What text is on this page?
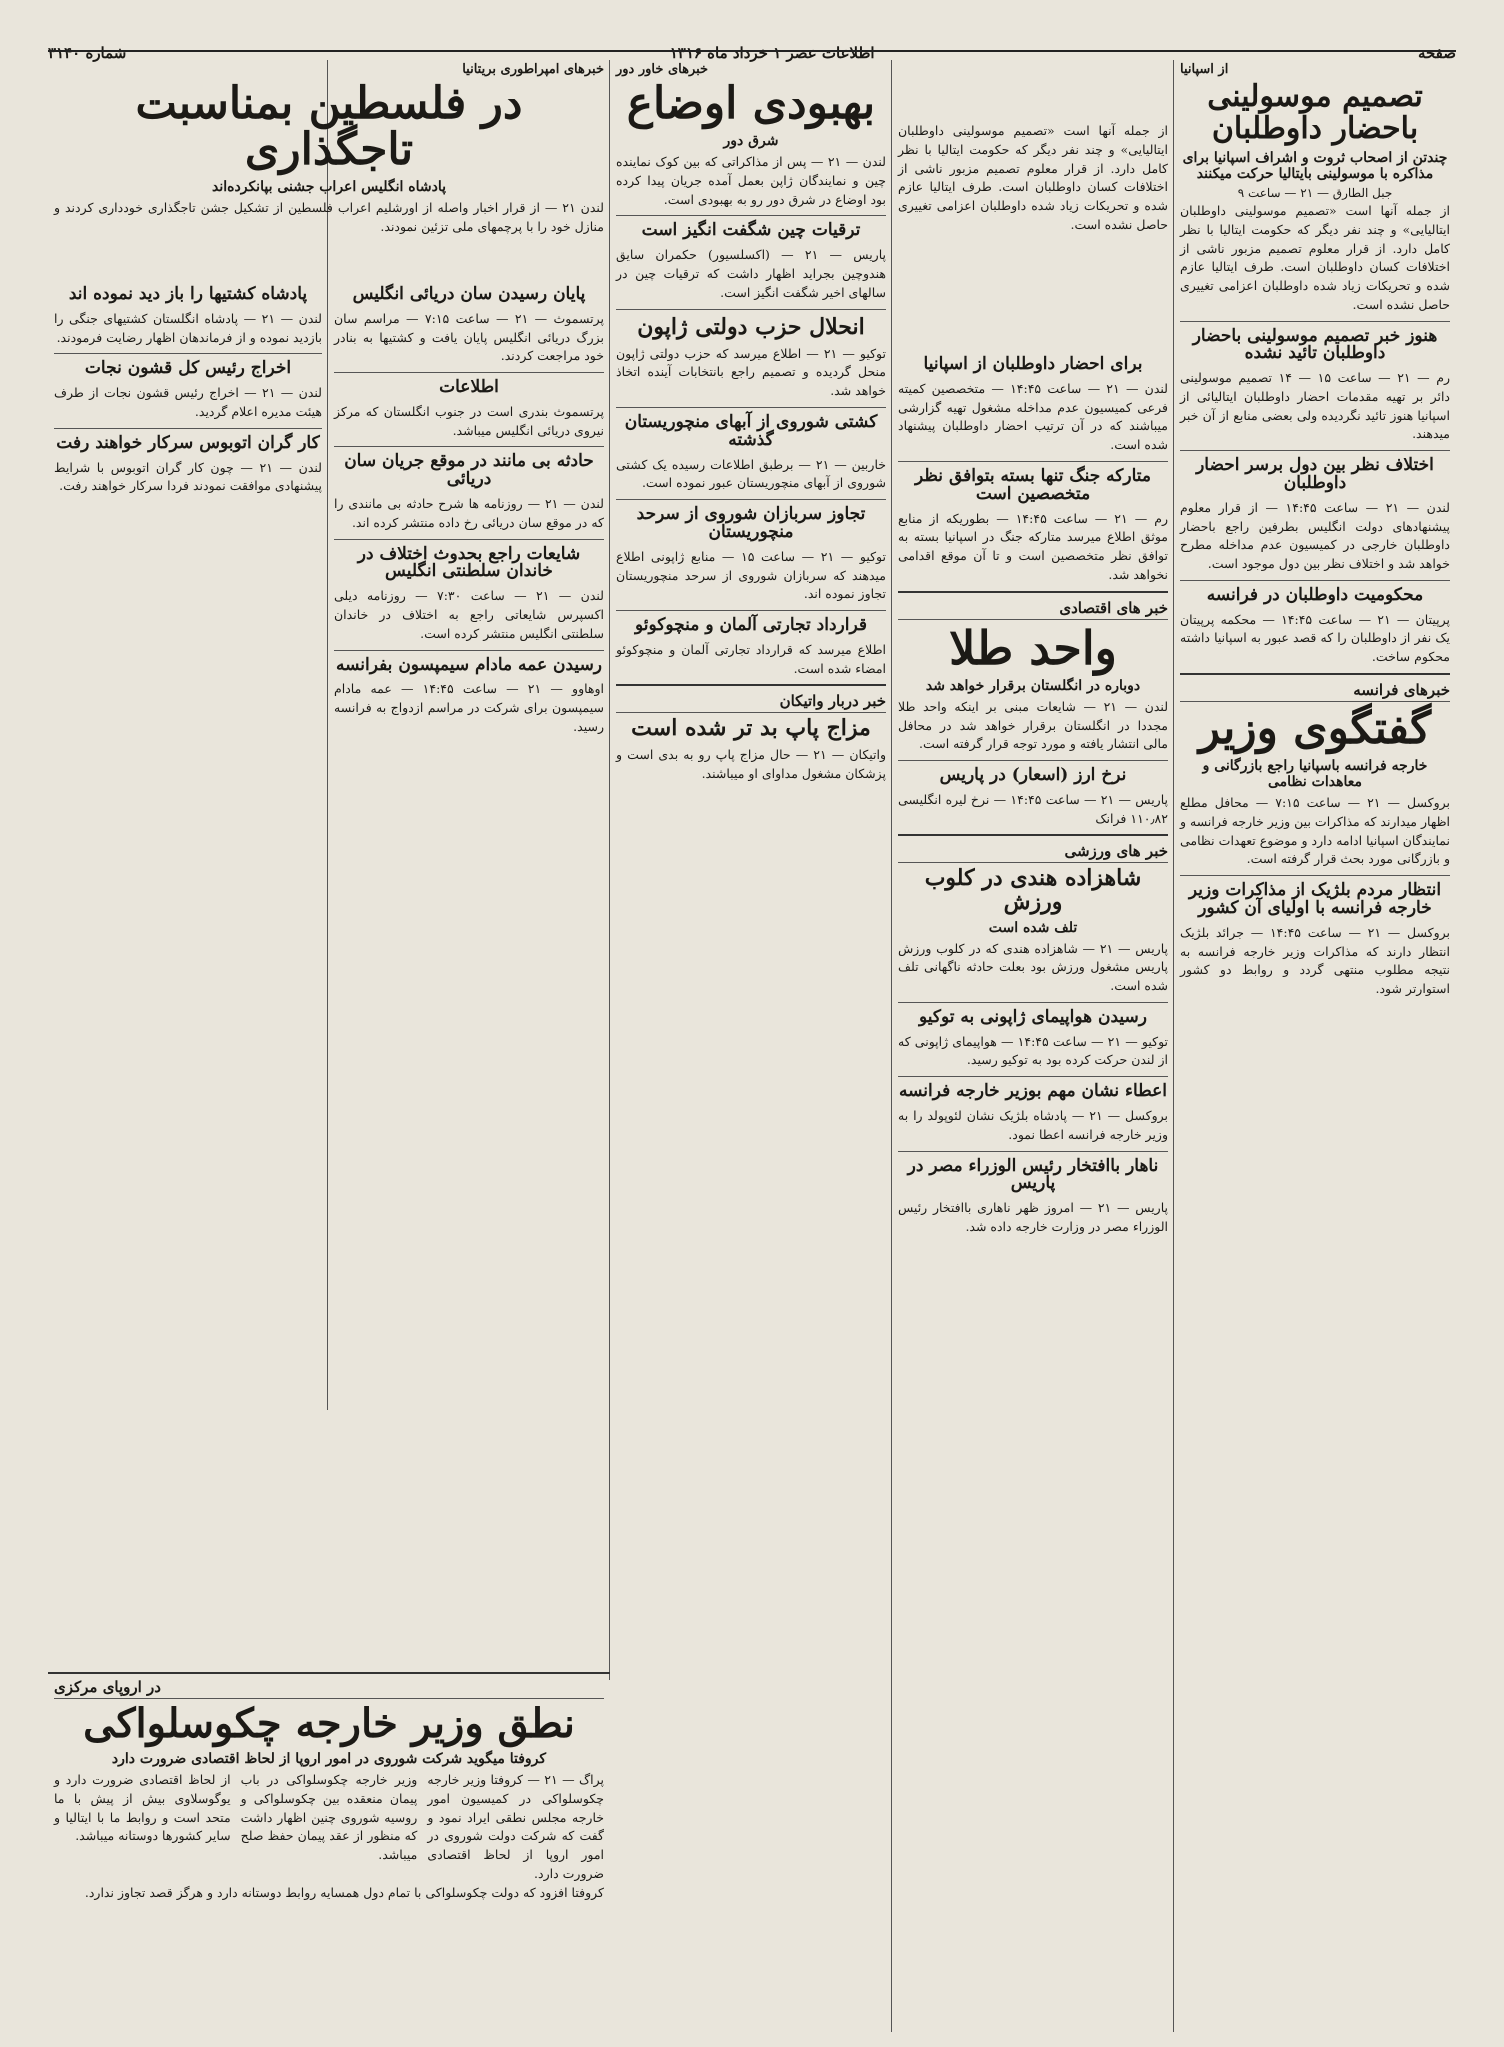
صفحه
اطلاعات عصر ۱ خرداد ماه ۱۳۱۶
شماره ۳۱۴۰
از اسپانیا
تصمیم موسولینی باحضار داوطلبان
چندتن از اصحاب ثروت و اشراف اسپانیا برای مذاکره با موسولینی بایتالیا حرکت میکنند
جبل الطارق — ۲۱ — ساعت ۹
از جمله آنها است «تصمیم موسولینی داوطلبان ایتالیایی» و چند نفر دیگر که حکومت ایتالیا با نظر کامل دارد. از قرار معلوم تصمیم مزبور ناشی از اختلافات کسان داوطلبان است. طرف ایتالیا عازم شده و تحریکات زیاد شده داوطلبان اعزامی تغییری حاصل نشده است.
هنوز خبر تصمیم موسولینی باحضار داوطلبان تائید نشده
رم — ۲۱ — ساعت ۱۵ — ۱۴ تصمیم موسولینی دائر بر تهیه مقدمات احضار داوطلبان ایتالیائی از اسپانیا هنوز تائید نگردیده ولی بعضی منابع از آن خبر میدهند.
اختلاف نظر بین دول برسر احضار داوطلبان
لندن — ۲۱ — ساعت ۱۴:۴۵ — از قرار معلوم پیشنهادهای دولت انگلیس بطرفین راجع باحضار داوطلبان خارجی در کمیسیون عدم مداخله مطرح خواهد شد و اختلاف نظر بین دول موجود است.
محکومیت داوطلبان در فرانسه
پرپیتان — ۲۱ — ساعت ۱۴:۴۵ — محکمه پرپیتان یک نفر از داوطلبان را که قصد عبور به اسپانیا داشته محکوم ساخت.
خبرهای فرانسه
گفتگوی وزیر
خارجه فرانسه باسپانیا راجع بازرگانی و معاهدات نظامی
بروکسل — ۲۱ — ساعت ۷:۱۵ — محافل مطلع اظهار میدارند که مذاکرات بین وزیر خارجه فرانسه و نمایندگان اسپانیا ادامه دارد و موضوع تعهدات نظامی و بازرگانی مورد بحث قرار گرفته است.
انتظار مردم بلژیک از مذاکرات وزیر خارجه فرانسه با اولیای آن کشور
بروکسل — ۲۱ — ساعت ۱۴:۴۵ — جرائد بلژیک انتظار دارند که مذاکرات وزیر خارجه فرانسه به نتیجه مطلوب منتهی گردد و روابط دو کشور استوارتر شود.
برای احضار داوطلبان از اسپانیا
لندن — ۲۱ — ساعت ۱۴:۴۵ — متخصصین کمیته فرعی کمیسیون عدم مداخله مشغول تهیه گزارشی میباشند که در آن ترتیب احضار داوطلبان پیشنهاد شده است.
متارکه جنگ تنها بسته بتوافق نظر متخصصین است
رم — ۲۱ — ساعت ۱۴:۴۵ — بطوریکه از منابع موثق اطلاع میرسد متارکه جنگ در اسپانیا بسته به توافق نظر متخصصین است و تا آن موقع اقدامی نخواهد شد.
خبر های اقتصادی
واحد طلا
دوباره در انگلستان برقرار خواهد شد
لندن — ۲۱ — شایعات مبنی بر اینکه واحد طلا مجددا در انگلستان برقرار خواهد شد در محافل مالی انتشار یافته و مورد توجه قرار گرفته است.
نرخ ارز (اسعار) در پاریس
پاریس — ۲۱ — ساعت ۱۴:۴۵ — نرخ لیره انگلیسی ۱۱۰٫۸۲ فرانک
خبر های ورزشی
شاهزاده هندی در کلوب ورزش
تلف شده است
پاریس — ۲۱ — شاهزاده هندی که در کلوب ورزش پاریس مشغول ورزش بود بعلت حادثه ناگهانی تلف شده است.
رسیدن هواپیمای ژاپونی به توکیو
توکیو — ۲۱ — ساعت ۱۴:۴۵ — هواپیمای ژاپونی که از لندن حرکت کرده بود به توکیو رسید.
اعطاء نشان مهم بوزیر خارجه فرانسه
بروکسل — ۲۱ — پادشاه بلژیک نشان لئوپولد را به وزیر خارجه فرانسه اعطا نمود.
ناهار باافتخار رئیس الوزراء مصر در پاریس
پاریس — ۲۱ — امروز ظهر ناهاری باافتخار رئیس الوزراء مصر در وزارت خارجه داده شد.
از جمله آنها است «تصمیم موسولینی داوطلبان ایتالیایی» و چند نفر دیگر که حکومت ایتالیا با نظر کامل دارد. از قرار معلوم تصمیم مزبور ناشی از اختلافات کسان داوطلبان است. طرف ایتالیا عازم شده و تحریکات زیاد شده داوطلبان اعزامی تغییری حاصل نشده است.
خبرهای خاور دور
بهبودی اوضاع
شرق دور
لندن — ۲۱ — پس از مذاکراتی که بین کوک نماینده چین و نمایندگان ژاپن بعمل آمده جریان پیدا کرده بود اوضاع در شرق دور رو به بهبودی است.
ترقیات چین شگفت انگیز است
پاریس — ۲۱ — (اکسلسیور) حکمران سایق هندوچین بجراید اظهار داشت که ترقیات چین در سالهای اخیر شگفت انگیز است.
انحلال حزب دولتی ژاپون
توکیو — ۲۱ — اطلاع میرسد که حزب دولتی ژاپون منحل گردیده و تصمیم راجع بانتخابات آینده اتخاذ خواهد شد.
کشتی شوروی از آبهای منچوریستان گذشته
خاربین — ۲۱ — برطبق اطلاعات رسیده یک کشتی شوروی از آبهای منچوریستان عبور نموده است.
تجاوز سربازان شوروی از سرحد منچوریستان
توکیو — ۲۱ — ساعت ۱۵ — منابع ژاپونی اطلاع میدهند که سربازان شوروی از سرحد منچوریستان تجاوز نموده اند.
قرارداد تجارتی آلمان و منچوکوئو
اطلاع میرسد که قرارداد تجارتی آلمان و منچوکوئو امضاء شده است.
خبر دربار واتیکان
مزاج پاپ بد تر شده است
واتیکان — ۲۱ — حال مزاج پاپ رو به بدی است و پزشکان مشغول مداوای او میباشند.
خبرهای امپراطوری بریتانیا
در فلسطین بمناسبت تاجگذاری
پادشاه انگلیس اعراب جشنی بپانکرده‌اند
لندن ۲۱ — از قرار اخبار واصله از اورشلیم اعراب فلسطین از تشکیل جشن تاجگذاری خودداری کردند و منازل خود را با پرچمهای ملی تزئین نمودند.
پایان رسیدن سان دریائی انگلیس
پرتسموث — ۲۱ — ساعت ۷:۱۵ — مراسم سان بزرگ دریائی انگلیس پایان یافت و کشتیها به بنادر خود مراجعت کردند.
اطلاعات
پرتسموث بندری است در جنوب انگلستان که مرکز نیروی دریائی انگلیس میباشد.
حادثه بی مانند در موقع جریان سان دریائی
لندن — ۲۱ — روزنامه ها شرح حادثه بی مانندی را که در موقع سان دریائی رخ داده منتشر کرده اند.
شایعات راجع بحدوث اختلاف در خاندان سلطنتی انگلیس
لندن — ۲۱ — ساعت ۷:۳۰ — روزنامه دیلی اکسپرس شایعاتی راجع به اختلاف در خاندان سلطنتی انگلیس منتشر کرده است.
رسیدن عمه مادام سیمپسون بفرانسه
اوهاوو — ۲۱ — ساعت ۱۴:۴۵ — عمه مادام سیمپسون برای شرکت در مراسم ازدواج به فرانسه رسید.
پادشاه کشتیها را باز دید نموده اند
لندن — ۲۱ — پادشاه انگلستان کشتیهای جنگی را بازدید نموده و از فرماندهان اظهار رضایت فرمودند.
اخراج رئیس کل قشون نجات
لندن — ۲۱ — اخراج رئیس قشون نجات از طرف هیئت مدیره اعلام گردید.
کار گران اتوبوس سرکار خواهند رفت
لندن — ۲۱ — چون کار گران اتوبوس با شرایط پیشنهادی موافقت نمودند فردا سرکار خواهند رفت.
در اروپای مرکزی
نطق وزیر خارجه چکوسلواکی
کروفتا میگوید شرکت شوروی در امور اروپا از لحاظ اقتصادی ضرورت دارد
پراگ — ۲۱ — کروفتا وزیر خارجه چکوسلواکی در کمیسیون امور خارجه مجلس نطقی ایراد نمود و گفت که شرکت دولت شوروی در امور اروپا از لحاظ اقتصادی ضرورت دارد.
وزیر خارجه چکوسلواکی در باب پیمان منعقده بین چکوسلواکی و روسیه شوروی چنین اظهار داشت که منظور از عقد پیمان حفظ صلح میباشد.
از لحاظ اقتصادی ضرورت دارد و یوگوسلاوی بیش از پیش با ما متحد است و روابط ما با ایتالیا و سایر کشورها دوستانه میباشد.
کروفتا افزود که دولت چکوسلواکی با تمام دول همسایه روابط دوستانه دارد و هرگز قصد تجاوز ندارد.
